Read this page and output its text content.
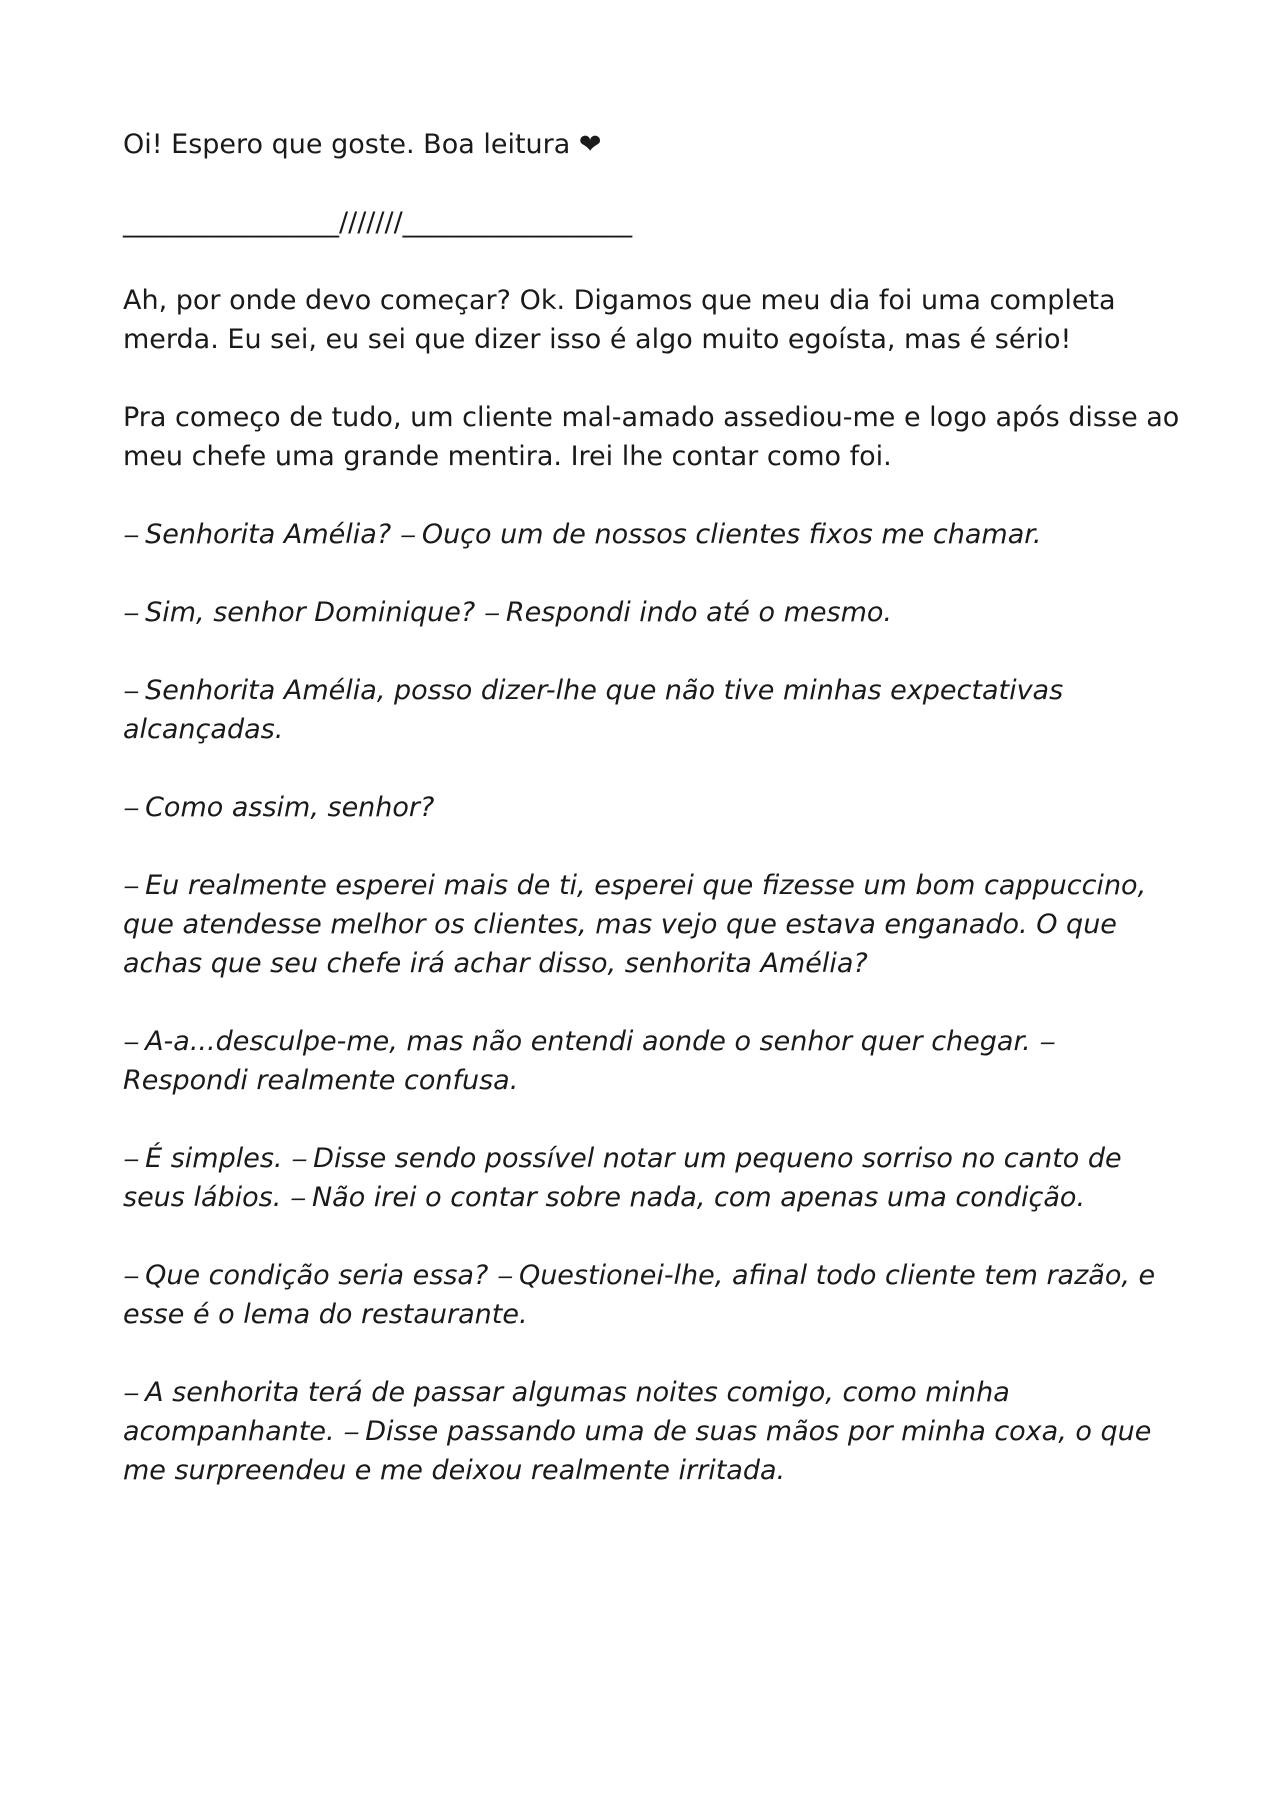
Oi! Espero que goste. Boa leitura ❤

________________///////_________________

Ah, por onde devo começar? Ok. Digamos que meu dia foi uma completa merda. Eu sei, eu sei que dizer isso é algo muito egoísta, mas é sério!

Pra começo de tudo, um cliente mal-amado assediou-me e logo após disse ao meu chefe uma grande mentira. Irei lhe contar como foi.

⎯ Senhorita Amélia? ⎯ Ouço um de nossos clientes fixos me chamar.

⎯ Sim, senhor Dominique? ⎯ Respondi indo até o mesmo.

⎯ Senhorita Amélia, posso dizer-lhe que não tive minhas expectativas alcançadas.

⎯ Como assim, senhor?

⎯ Eu realmente esperei mais de ti, esperei que fizesse um bom cappuccino, que atendesse melhor os clientes, mas vejo que estava enganado. O que achas que seu chefe irá achar disso, senhorita Amélia?

⎯ A-a...desculpe-me, mas não entendi aonde o senhor quer chegar. ⎯ Respondi realmente confusa.

⎯ É simples. ⎯ Disse sendo possível notar um pequeno sorriso no canto de seus lábios. ⎯ Não irei o contar sobre nada, com apenas uma condição.

⎯ Que condição seria essa? ⎯ Questionei-lhe, afinal todo cliente tem razão, e esse é o lema do restaurante.

⎯ A senhorita terá de passar algumas noites comigo, como minha acompanhante. ⎯ Disse passando uma de suas mãos por minha coxa, o que me surpreendeu e me deixou realmente irritada.
